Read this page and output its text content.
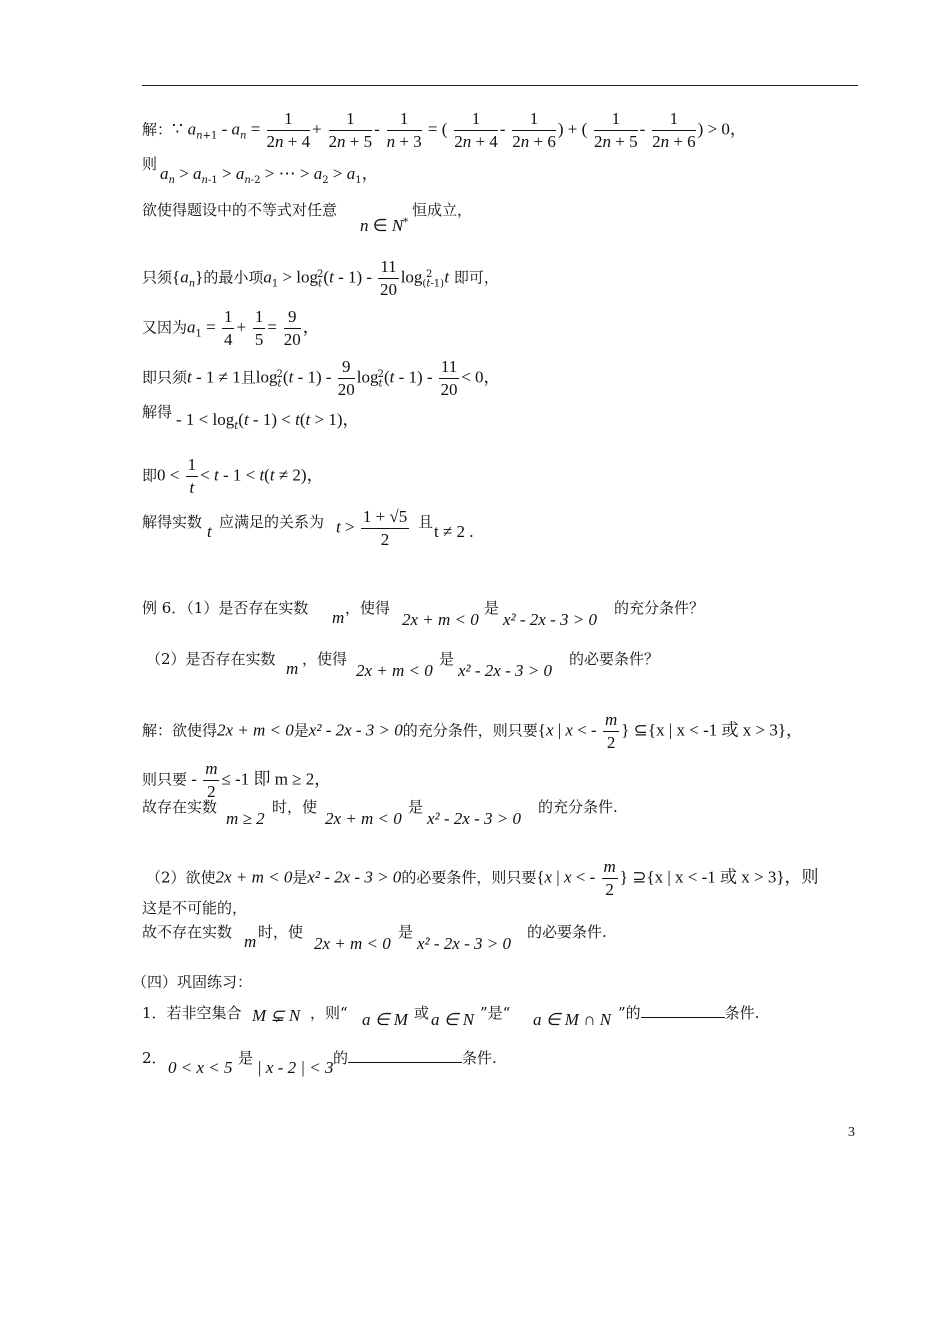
解：∵ $a_{n+1} - a_n = \frac{1}{2n + 4} + \frac{1}{2n + 5} - \frac{1}{n + 3}$ = ( $\frac{1}{2n + 4} - \frac{1}{2n + 6}$ ) + ( $\frac{1}{2n + 5} - \frac{1}{2n + 6}$ ) > 0，
则 $a_n > a_{n-1} > a_{n-2}$ > ⋯ > $a_2 > a_1$，
欲使得题设中的不等式对任意
n ∈ N*
恒成立，
只须$\{a_n\}$的最小项$a_1 > \log_t^2(t - 1) - \frac{11}{20} \log_{(t-1)}^2 t$ 即可，
又因为$a_1 = \frac{1}{4} + \frac{1}{5} = \frac{9}{20}$ ，
即只须t - 1 ≠ 1且$\log_t^2(t - 1) - \frac{9}{20} \log_t^2(t - 1) - \frac{11}{20} < 0$，
解得 - $1 < \log_t(t - 1) < t(t > 1)$，
即$0 < \frac{1}{t} < t - 1 < t(t \ne 2)$，
解得实数 t 应满足的关系为 $t > \frac{1 + √5}{2}$ 且 t ≠ 2 .
例 6．（1）是否存在实数 m ，使得
2x + m < 0
是
x² - 2x - 3 > 0
的充分条件？
（2）是否存在实数 m ，使得
2x + m < 0
是
x² - 2x - 3 > 0
的必要条件？
解：欲使得2x + m < 0是x² - 2x - 3 > 0的充分条件，则只要{x | x < - $\frac{m}{2}$ } ⊆{x | x < -1 或 x > 3}，
则只要 - $\frac{m}{2} \le -1$ 即 m ≥ 2，
故存在实数
m ≥ 2
时，使
2x + m < 0
是
x² - 2x - 3 > 0
的充分条件.
（2）欲使2x + m < 0是x² - 2x - 3 > 0的必要条件，则只要{x | x < - $\frac{m}{2}$ } ⊇{x | x < -1 或 x > 3}，则
这是不可能的，
故不存在实数 m 时，使
2x + m < 0
是
x² - 2x - 3 > 0
的必要条件.
（四）巩固练习：
1．若非空集合 M ⊊ N ，则“ a ∈ M 或 a ∈ N ”是“ a ∈ M ∩ N ”的	条件.
2． 0 < x < 5 是 | x - 2 | < 3 的	条件.
3
